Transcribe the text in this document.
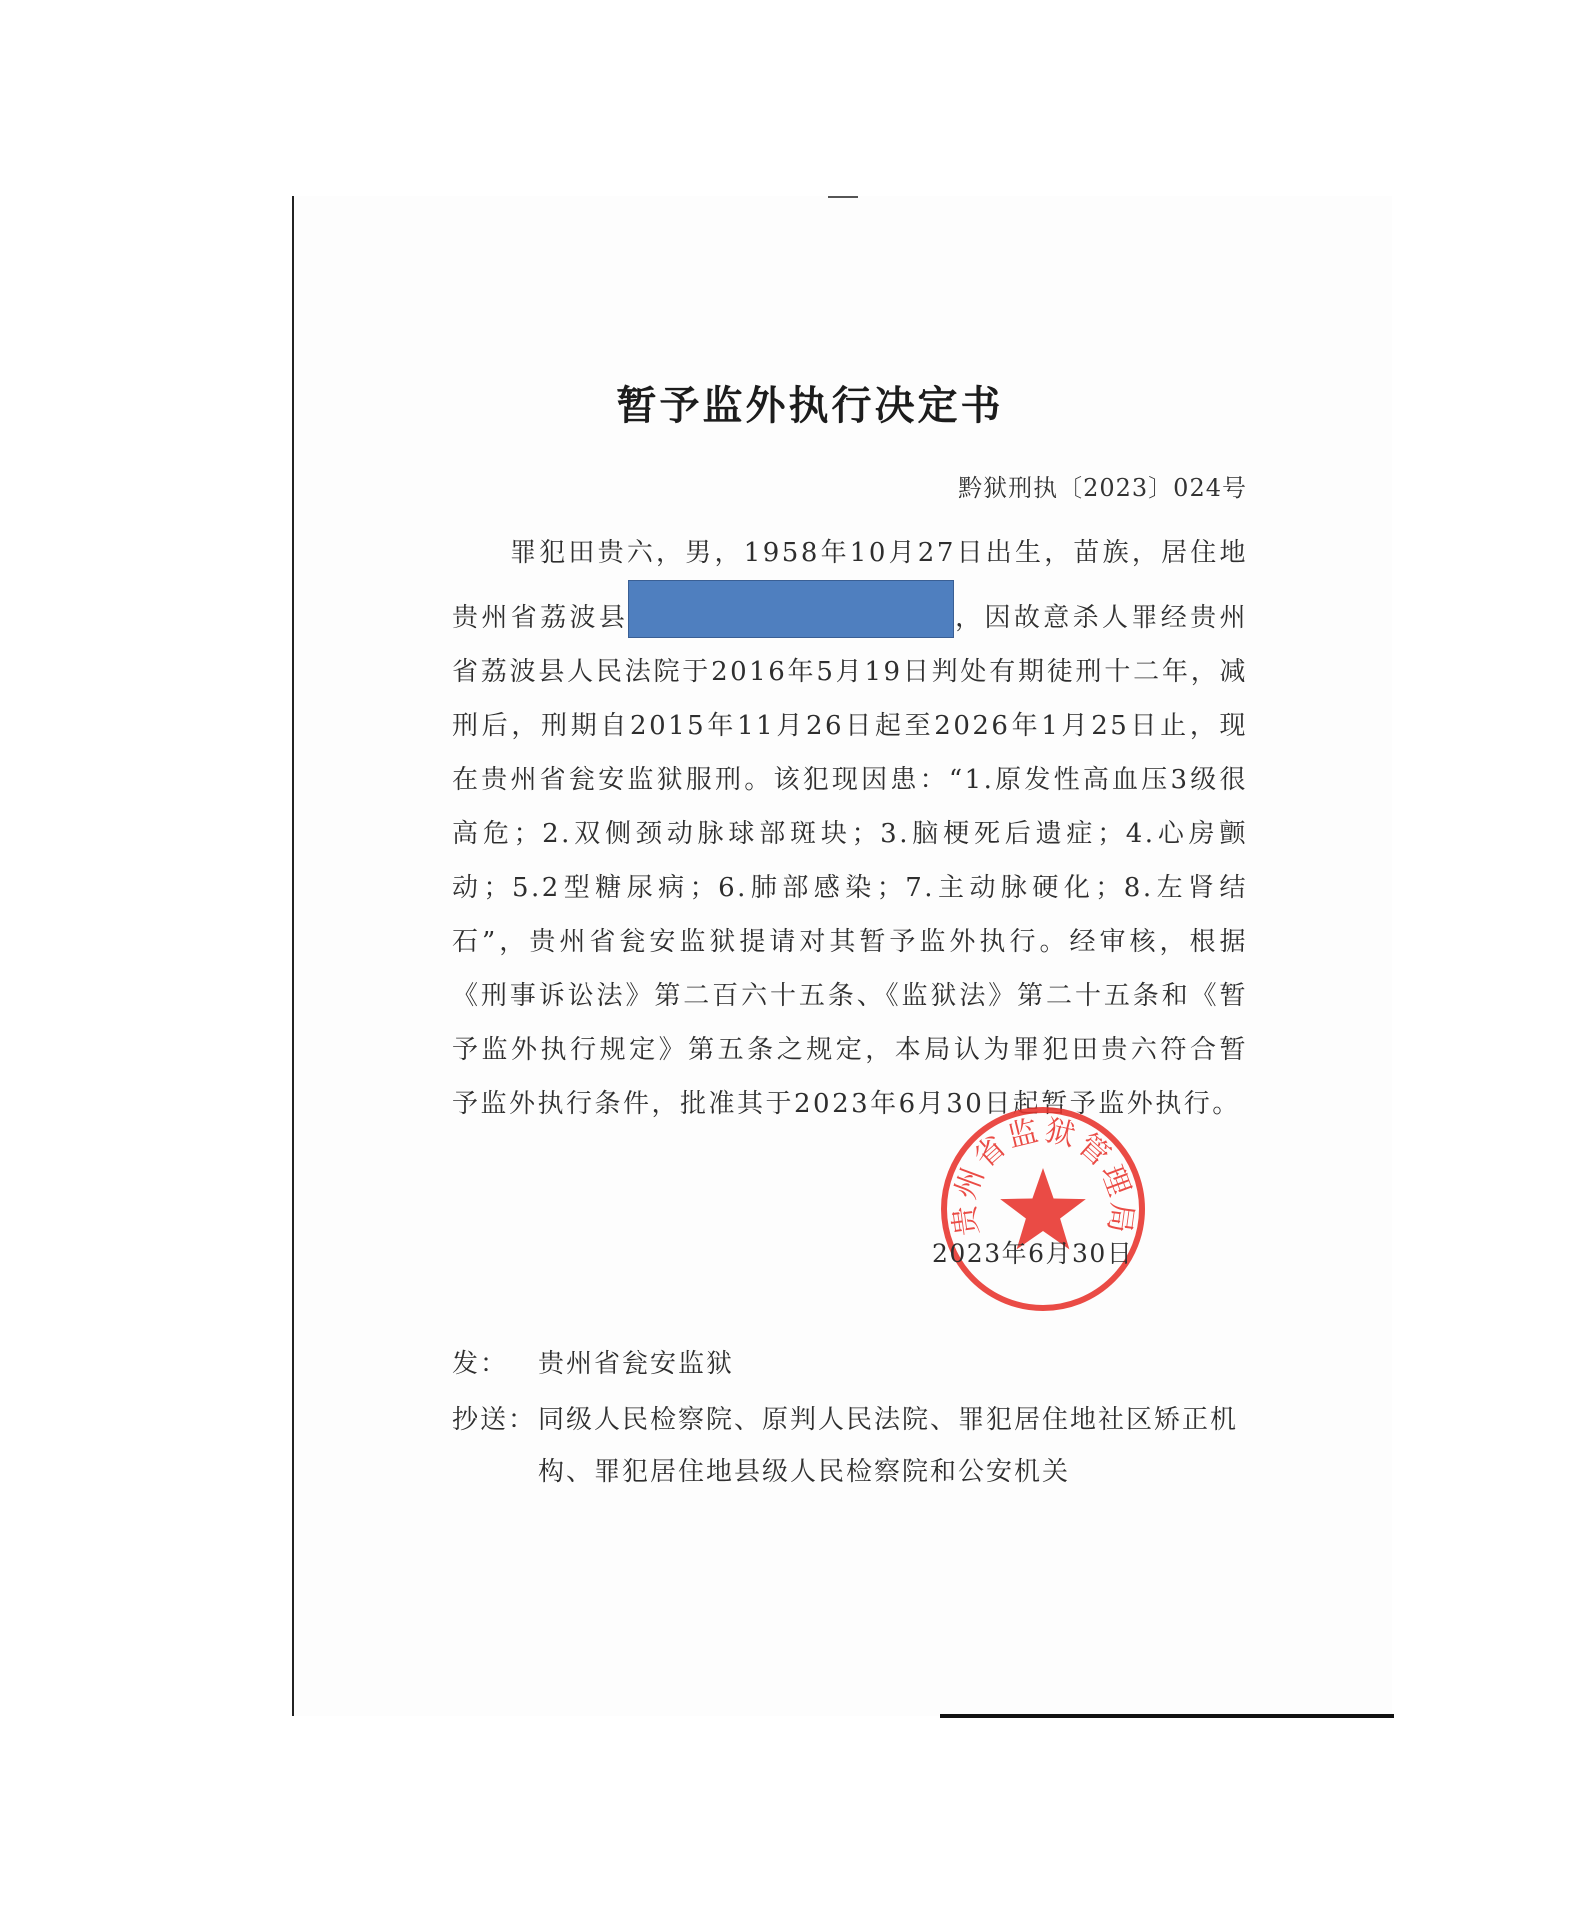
暂予监外执行决定书

黔狱刑执〔2023〕024号

罪犯田贵六，男，1958年10月27日出生，苗族，居住地贵州省荔波县	，因故意杀人罪经贵州省荔波县人民法院于2016年5月19日判处有期徒刑十二年，减刑后，刑期自2015年11月26日起至2026年1月25日止，现在贵州省瓮安监狱服刑。该犯现因患：“1.原发性高血压3级很高危；2.双侧颈动脉球部斑块；3.脑梗死后遗症；4.心房颤动；5.2型糖尿病；6.肺部感染；7.主动脉硬化；8.左肾结石”，贵州省瓮安监狱提请对其暂予监外执行。经审核，根据《刑事诉讼法》第二百六十五条、《监狱法》第二十五条和《暂予监外执行规定》第五条之规定，本局认为罪犯田贵六符合暂予监外执行条件，批准其于2023年6月30日起暂予监外执行。

贵州省监狱管理局

2023年6月30日

发：	贵州省瓮安监狱
抄送： 同级人民检察院、原判人民法院、罪犯居住地社区矫正机构、罪犯居住地县级人民检察院和公安机关
